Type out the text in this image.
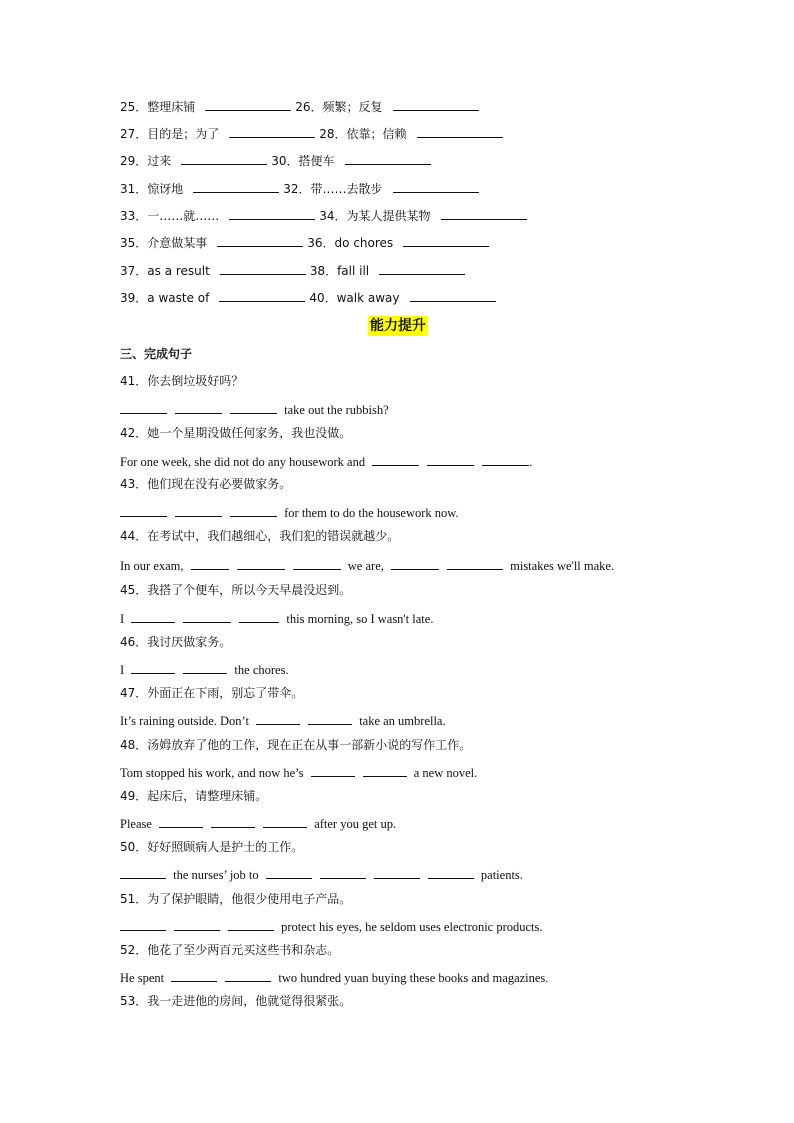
25．整理床铺	26．频繁；反复
27．目的是；为了	28．依靠；信赖
29．过来	30．搭便车
31．惊讶地	32．带……去散步
33．一……就……	34．为某人提供某物
35．介意做某事	36．do chores
37．as a result	38．fall ill
39．a waste of	40．walk away
能力提升
三、完成句子
41．你去倒垃圾好吗？
take out the rubbish?
42．她一个星期没做任何家务，我也没做。
For one week, she did not do any housework and	.
43．他们现在没有必要做家务。
for them to do the housework now.
44．在考试中，我们越细心，我们犯的错误就越少。
In our exam,	we are,	mistakes we'll make.
45．我搭了个便车，所以今天早晨没迟到。
I	this morning, so I wasn't late.
46．我讨厌做家务。
I	the chores.
47．外面正在下雨，别忘了带伞。
It’s raining outside. Don’t	take an umbrella.
48．汤姆放弃了他的工作，现在正在从事一部新小说的写作工作。
Tom stopped his work, and now he’s	a new novel.
49．起床后，请整理床铺。
Please	after you get up.
50．好好照顾病人是护士的工作。
the nurses’ job to	patients.
51．为了保护眼睛，他很少使用电子产品。
protect his eyes, he seldom uses electronic products.
52．他花了至少两百元买这些书和杂志。
He spent	two hundred yuan buying these books and magazines.
53．我一走进他的房间，他就觉得很紧张。
